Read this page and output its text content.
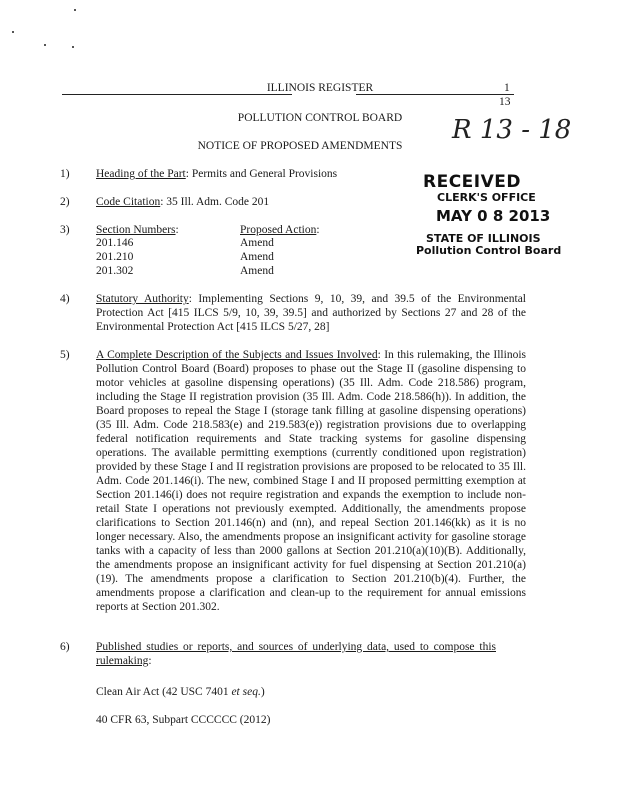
ILLINOIS REGISTER	1
13
POLLUTION CONTROL BOARD
NOTICE OF PROPOSED AMENDMENTS
R 13 - 18
RECEIVED
CLERK'S OFFICE
MAY 0 8 2013
STATE OF ILLINOIS
Pollution Control Board
1) Heading of the Part: Permits and General Provisions
2) Code Citation: 35 Ill. Adm. Code 201
3) Section Numbers:	Proposed Action:
201.146
201.210
201.302
Amend
Amend
Amend
4) Statutory Authority: Implementing Sections 9, 10, 39, and 39.5 of the Environmental Protection Act [415 ILCS 5/9, 10, 39, 39.5] and authorized by Sections 27 and 28 of the Environmental Protection Act [415 ILCS 5/27, 28]
5) A Complete Description of the Subjects and Issues Involved: In this rulemaking, the Illinois Pollution Control Board (Board) proposes to phase out the Stage II (gasoline dispensing to motor vehicles at gasoline dispensing operations) (35 Ill. Adm. Code 218.586) program, including the Stage II registration provision (35 Ill. Adm. Code 218.586(h)). In addition, the Board proposes to repeal the Stage I (storage tank filling at gasoline dispensing operations) (35 Ill. Adm. Code 218.583(e) and 219.583(e)) registration provisions due to overlapping federal notification requirements and State tracking systems for gasoline dispensing operations. The available permitting exemptions (currently conditioned upon registration) provided by these Stage I and II registration provisions are proposed to be relocated to 35 Ill. Adm. Code 201.146(i). The new, combined Stage I and II proposed permitting exemption at Section 201.146(i) does not require registration and expands the exemption to include non-retail State I operations not previously exempted. Additionally, the amendments propose clarifications to Section 201.146(n) and (nn), and repeal Section 201.146(kk) as it is no longer necessary. Also, the amendments propose an insignificant activity for gasoline storage tanks with a capacity of less than 2000 gallons at Section 201.210(a)(10)(B). Additionally, the amendments propose an insignificant activity for fuel dispensing at Section 201.210(a)(19). The amendments propose a clarification to Section 201.210(b)(4). Further, the amendments propose a clarification and clean-up to the requirement for annual emissions reports at Section 201.302.
6) Published studies or reports, and sources of underlying data, used to compose this rulemaking:
Clean Air Act (42 USC 7401 et seq.)
40 CFR 63, Subpart CCCCCC (2012)
